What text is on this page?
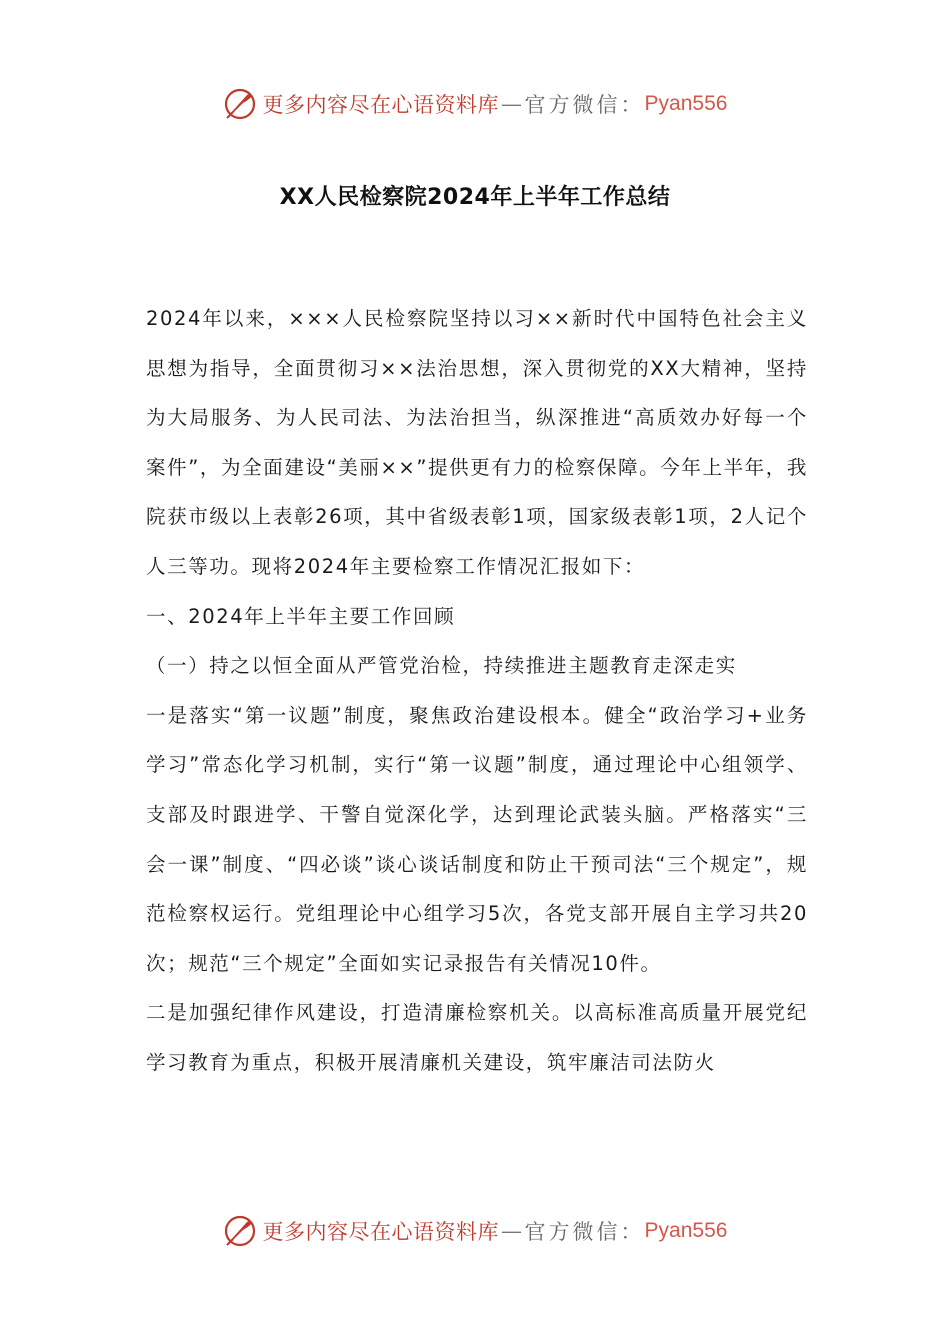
更多内容尽在心语资料库 — 官方微信： Pyan556
XX人民检察院2024年上半年工作总结

2024年以来，×××人民检察院坚持以习××新时代中国特色社会主义思想为指导，全面贯彻习××法治思想，深入贯彻党的XX大精神，坚持为大局服务、为人民司法、为法治担当，纵深推进“高质效办好每一个案件”，为全面建设“美丽××”提供更有力的检察保障。今年上半年，我院获市级以上表彰26项，其中省级表彰1项，国家级表彰1项，2人记个人三等功。现将2024年主要检察工作情况汇报如下：

一、2024年上半年主要工作回顾

（一）持之以恒全面从严管党治检，持续推进主题教育走深走实

一是落实“第一议题”制度，聚焦政治建设根本。健全“政治学习+业务学习”常态化学习机制，实行“第一议题”制度，通过理论中心组领学、支部及时跟进学、干警自觉深化学，达到理论武装头脑。严格落实“三会一课”制度、“四必谈”谈心谈话制度和防止干预司法“三个规定”，规范检察权运行。党组理论中心组学习5次，各党支部开展自主学习共20次；规范“三个规定”全面如实记录报告有关情况10件。

二是加强纪律作风建设，打造清廉检察机关。以高标准高质量开展党纪学习教育为重点，积极开展清廉机关建设，筑牢廉洁司法防火

更多内容尽在心语资料库 — 官方微信： Pyan556
